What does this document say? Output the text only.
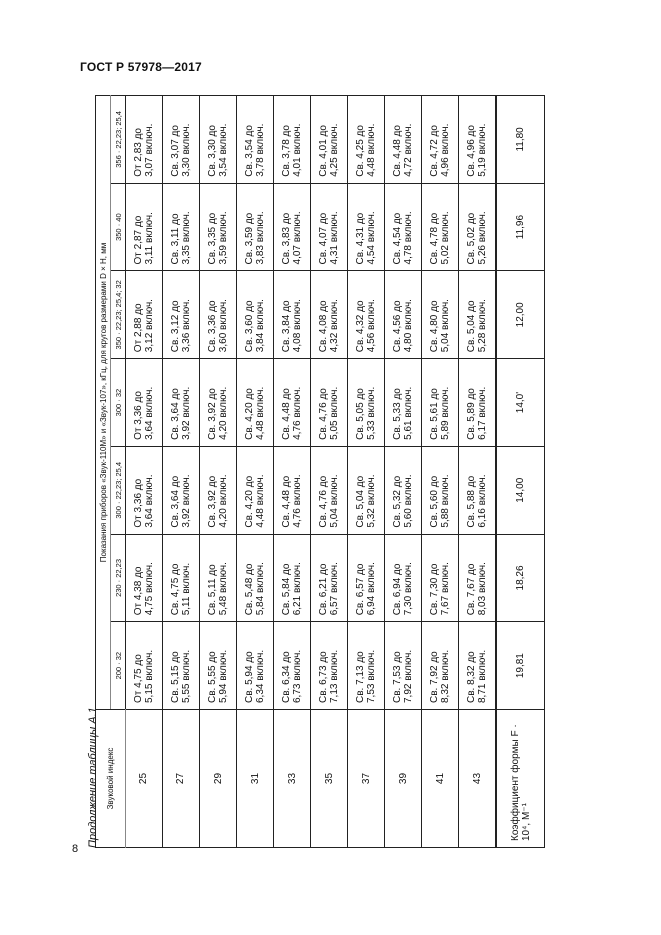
ГОСТ Р 57978—2017
8
Продолжение таблицы А.1 Звуковой индекс	Показания приборов «Звук-110М» и «Звук-107», кГц, для кругов размерами D × H, мм						
	200 · 32	230 · 22,23	300 · 22,23; 25,4	300 · 32	350 · 22,23; 25,4; 32	350 · 40	356 · 22,23; 25,4
25	От 4,75 до
5,15 включ.	От 4,38 до
4,75 включ.	От 3,36 до
3,64 включ.	От 3,36 до
3,64 включ.	От 2,88 до
3,12 включ.	От 2,87 до
3,11 включ.	От 2,83 до
3,07 включ.
27	Св. 5,15 до
5,55 включ.	Св. 4,75 до
5,11 включ.	Св. 3,64 до
3,92 включ.	Св. 3,64 до
3,92 включ.	Св. 3,12 до
3,36 включ.	Св. 3,11 до
3,35 включ.	Св. 3,07 до
3,30 включ.
29	Св. 5,55 до
5,94 включ.	Св. 5,11 до
5,48 включ.	Св. 3,92 до
4,20 включ.	Св. 3,92 до
4,20 включ.	Св. 3,36 до
3,60 включ.	Св. 3,35 до
3,59 включ.	Св. 3,30 до
3,54 включ.
31	Св. 5,94 до
6,34 включ.	Св. 5,48 до
5,84 включ.	Св. 4,20 до
4,48 включ.	Св. 4,20 до
4,48 включ.	Св. 3,60 до
3,84 включ.	Св. 3,59 до
3,83 включ.	Св. 3,54 до
3,78 включ.
33	Св. 6,34 до
6,73 включ.	Св. 5,84 до
6,21 включ.	Св. 4,48 до
4,76 включ.	Св. 4,48 до
4,76 включ.	Св. 3,84 до
4,08 включ.	Св. 3,83 до
4,07 включ.	Св. 3,78 до
4,01 включ.
35	Св. 6,73 до
7,13 включ.	Св. 6,21 до
6,57 включ.	Св. 4,76 до
5,04 включ.	Св. 4,76 до
5,05 включ.	Св. 4,08 до
4,32 включ.	Св. 4,07 до
4,31 включ.	Св. 4,01 до
4,25 включ.
37	Св. 7,13 до
7,53 включ.	Св. 6,57 до
6,94 включ.	Св. 5,04 до
5,32 включ.	Св. 5,05 до
5,33 включ.	Св. 4,32 до
4,56 включ.	Св. 4,31 до
4,54 включ.	Св. 4,25 до
4,48 включ.
39	Св. 7,53 до
7,92 включ.	Св. 6,94 до
7,30 включ.	Св. 5,32 до
5,60 включ.	Св. 5,33 до
5,61 включ.	Св. 4,56 до
4,80 включ.	Св. 4,54 до
4,78 включ.	Св. 4,48 до
4,72 включ.
41	Св. 7,92 до
8,32 включ.	Св. 7,30 до
7,67 включ.	Св. 5,60 до
5,88 включ.	Св. 5,61 до
5,89 включ.	Св. 4,80 до
5,04 включ.	Св. 4,78 до
5,02 включ.	Св. 4,72 до
4,96 включ.
43	Св. 8,32 до
8,71 включ.	Св. 7,67 до
8,03 включ.	Св. 5,88 до
6,16 включ.	Св. 5,89 до
6,17 включ.	Св. 5,04 до
5,28 включ.	Св. 5,02 до
5,26 включ.	Св. 4,96 до
5,19 включ.
Коэффициент формы F · 10⁴, М⁻¹	19,81	18,26	14,00	14,0'	12,00	11,96	11,80
